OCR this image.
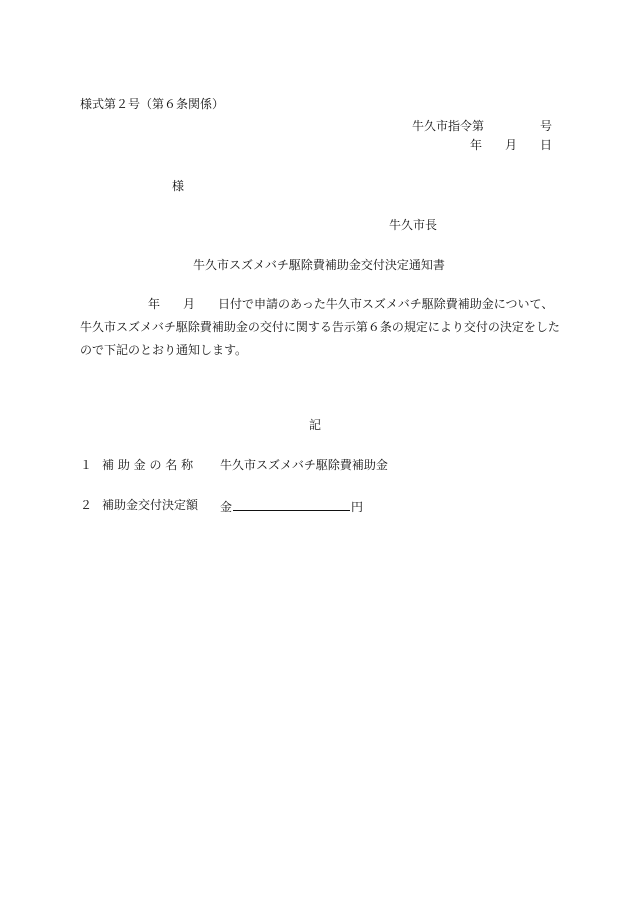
様式第２号（第６条関係）
牛久市指令第	号
年 月 日
様
牛久市長
牛久市スズメバチ駆除費補助金交付決定通知書
年 月 日付で申請のあった牛久市スズメバチ駆除費補助金について、
牛久市スズメバチ駆除費補助金の交付に関する告示第６条の規定により交付の決定をした
ので下記のとおり通知します。
記
１ 補 助 金 の 名 称 牛久市スズメバチ駆除費補助金
２ 補助金交付決定額 金	円
